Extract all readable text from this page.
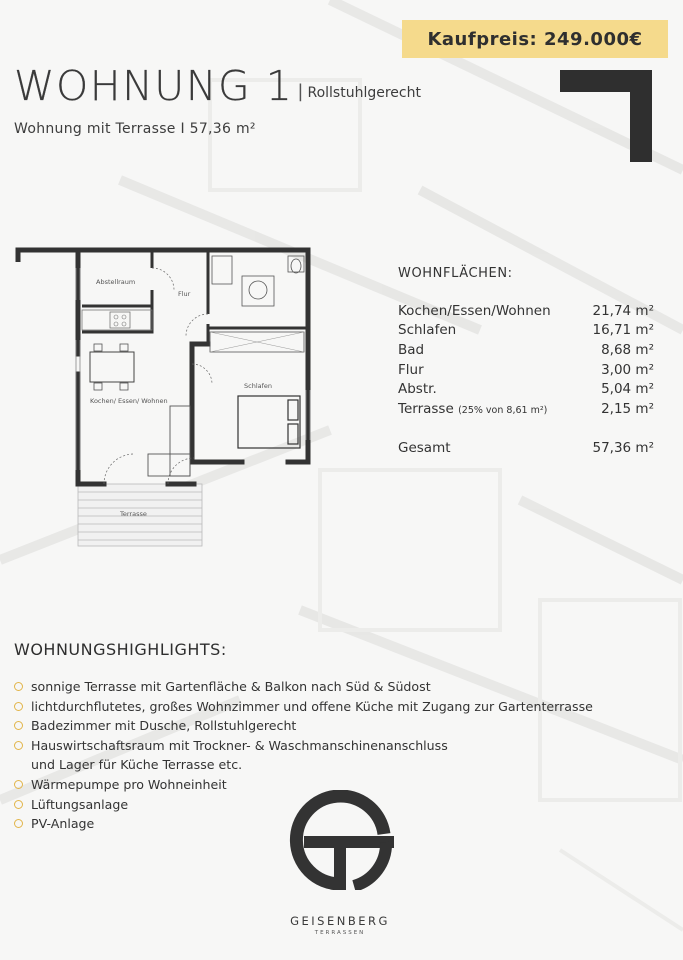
Kaufpreis: 249.000€
WOHNUNG 1 | Rollstuhlgerecht
Wohnung mit Terrasse I 57,36 m²
Abstellraum
Flur
Kochen/ Essen/ Wohnen
Schlafen
Terrasse
WOHNFLÄCHEN:
Kochen/Essen/Wohnen	21,74 m²
Schlafen	16,71 m²
Bad	8,68 m²
Flur	3,00 m²
Abstr.	5,04 m²
Terrasse (25% von 8,61 m²)	2,15 m²
Gesamt	57,36 m²
WOHNUNGSHIGHLIGHTS:
sonnige Terrasse mit Gartenfläche & Balkon nach Süd & Südost
lichtdurchflutetes, großes Wohnzimmer und offene Küche mit Zugang zur Gartenterrasse
Badezimmer mit Dusche, Rollstuhlgerecht
Hauswirtschaftsraum mit Trockner- & Waschmanschinenanschluss
und Lager für Küche Terrasse etc.
Wärmepumpe pro Wohneinheit
Lüftungsanlage
PV-Anlage
GEISENBERG
TERRASSEN
